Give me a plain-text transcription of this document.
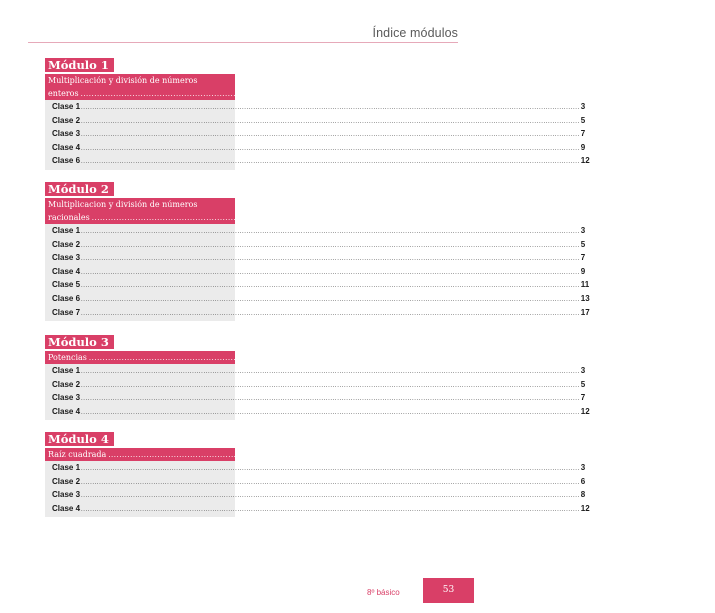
Índice módulos
Módulo 1
Multiplicación y división de números
enteros ............................................................................................................................................................................................................................ 1
Clase 1 ............................................................................................................................................................................................................................ 3
Clase 2 ............................................................................................................................................................................................................................ 5
Clase 3 ............................................................................................................................................................................................................................ 7
Clase 4 ............................................................................................................................................................................................................................ 9
Clase 6 ............................................................................................................................................................................................................................ 12
Módulo 2
Multiplicacion y división de números
racionales ............................................................................................................................................................................................................................ 1
Clase 1 ............................................................................................................................................................................................................................ 3
Clase 2 ............................................................................................................................................................................................................................ 5
Clase 3 ............................................................................................................................................................................................................................ 7
Clase 4 ............................................................................................................................................................................................................................ 9
Clase 5 ............................................................................................................................................................................................................................ 11
Clase 6 ............................................................................................................................................................................................................................ 13
Clase 7 ............................................................................................................................................................................................................................ 17
Módulo 3
Potencias ............................................................................................................................................................................................................................ 1
Clase 1 ............................................................................................................................................................................................................................ 3
Clase 2 ............................................................................................................................................................................................................................ 5
Clase 3 ............................................................................................................................................................................................................................ 7
Clase 4 ............................................................................................................................................................................................................................ 12
Módulo 4
Raíz cuadrada ............................................................................................................................................................................................................................ 1
Clase 1 ............................................................................................................................................................................................................................ 3
Clase 2 ............................................................................................................................................................................................................................ 6
Clase 3 ............................................................................................................................................................................................................................ 8
Clase 4 ............................................................................................................................................................................................................................ 12
8º básico	53
